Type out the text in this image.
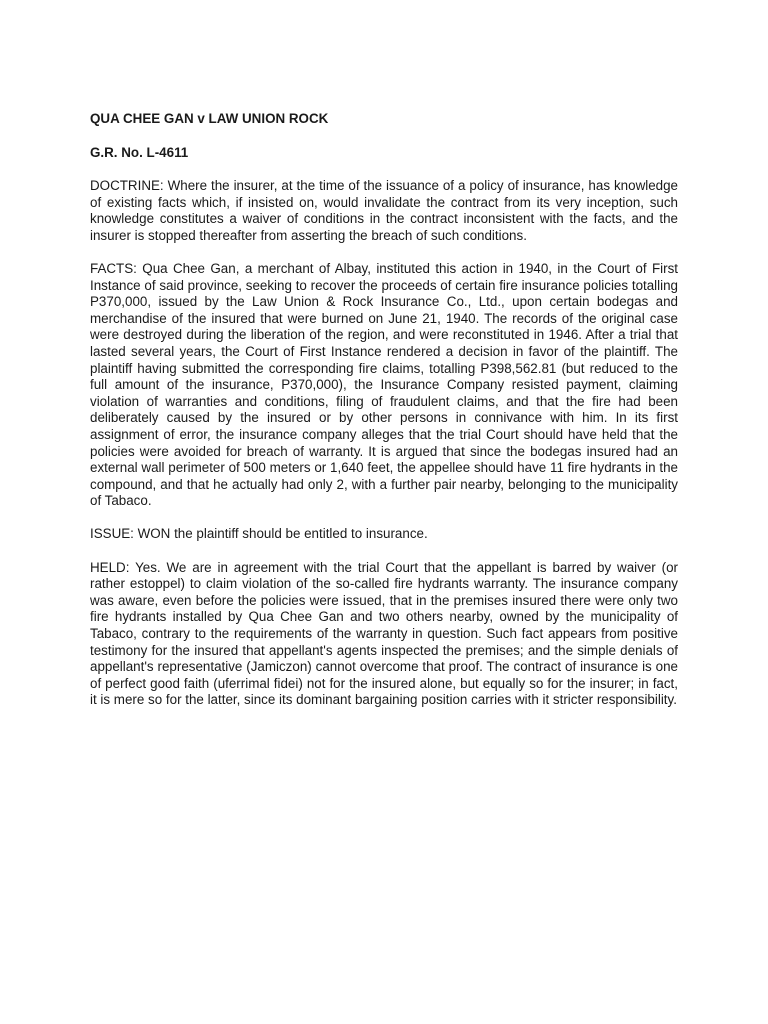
QUA CHEE GAN v LAW UNION ROCK
G.R. No. L-4611
DOCTRINE: Where the insurer, at the time of the issuance of a policy of insurance, has knowledge of existing facts which, if insisted on, would invalidate the contract from its very inception, such knowledge constitutes a waiver of conditions in the contract inconsistent with the facts, and the insurer is stopped thereafter from asserting the breach of such conditions.
FACTS: Qua Chee Gan, a merchant of Albay, instituted this action in 1940, in the Court of First Instance of said province, seeking to recover the proceeds of certain fire insurance policies totalling P370,000, issued by the Law Union & Rock Insurance Co., Ltd., upon certain bodegas and merchandise of the insured that were burned on June 21, 1940. The records of the original case were destroyed during the liberation of the region, and were reconstituted in 1946. After a trial that lasted several years, the Court of First Instance rendered a decision in favor of the plaintiff. The plaintiff having submitted the corresponding fire claims, totalling P398,562.81 (but reduced to the full amount of the insurance, P370,000), the Insurance Company resisted payment, claiming violation of warranties and conditions, filing of fraudulent claims, and that the fire had been deliberately caused by the insured or by other persons in connivance with him. In its first assignment of error, the insurance company alleges that the trial Court should have held that the policies were avoided for breach of warranty. It is argued that since the bodegas insured had an external wall perimeter of 500 meters or 1,640 feet, the appellee should have 11 fire hydrants in the compound, and that he actually had only 2, with a further pair nearby, belonging to the municipality of Tabaco.
ISSUE: WON the plaintiff should be entitled to insurance.
HELD: Yes. We are in agreement with the trial Court that the appellant is barred by waiver (or rather estoppel) to claim violation of the so-called fire hydrants warranty. The insurance company was aware, even before the policies were issued, that in the premises insured there were only two fire hydrants installed by Qua Chee Gan and two others nearby, owned by the municipality of Tabaco, contrary to the requirements of the warranty in question. Such fact appears from positive testimony for the insured that appellant's agents inspected the premises; and the simple denials of appellant's representative (Jamiczon) cannot overcome that proof. The contract of insurance is one of perfect good faith (uferrimal fidei) not for the insured alone, but equally so for the insurer; in fact, it is mere so for the latter, since its dominant bargaining position carries with it stricter responsibility.
